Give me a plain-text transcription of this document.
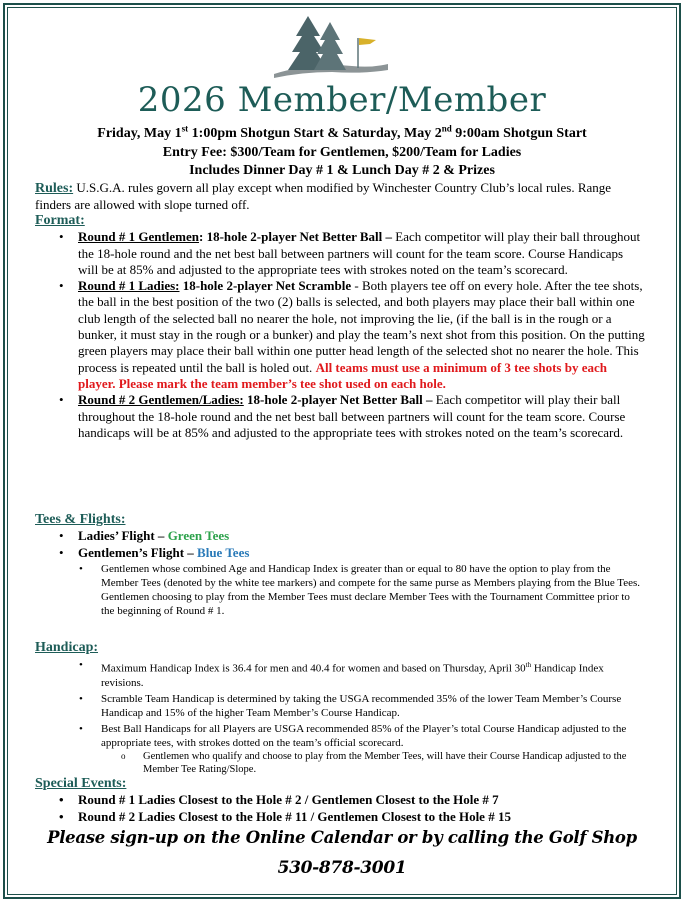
2026 Member/Member
Friday, May 1st 1:00pm Shotgun Start & Saturday, May 2nd 9:00am Shotgun Start
Entry Fee: $300/Team for Gentlemen, $200/Team for Ladies
Includes Dinner Day # 1 & Lunch Day # 2 & Prizes
Rules: U.S.G.A. rules govern all play except when modified by Winchester Country Club’s local rules. Range finders are allowed with slope turned off.
Format:
• Round # 1 Gentlemen: 18-hole 2-player Net Better Ball – Each competitor will play their ball throughout the 18-hole round and the net best ball between partners will count for the team score. Course Handicaps will be at 85% and adjusted to the appropriate tees with strokes noted on the team’s scorecard.
• Round # 1 Ladies: 18-hole 2-player Net Scramble - Both players tee off on every hole. After the tee shots, the ball in the best position of the two (2) balls is selected, and both players may place their ball within one club length of the selected ball no nearer the hole, not improving the lie, (if the ball is in the rough or a bunker, it must stay in the rough or a bunker) and play the team’s next shot from this position. On the putting green players may place their ball within one putter head length of the selected shot no nearer the hole. This process is repeated until the ball is holed out. All teams must use a minimum of 3 tee shots by each player. Please mark the team member’s tee shot used on each hole.
• Round # 2 Gentlemen/Ladies: 18-hole 2-player Net Better Ball – Each competitor will play their ball throughout the 18-hole round and the net best ball between partners will count for the team score. Course handicaps will be at 85% and adjusted to the appropriate tees with strokes noted on the team’s scorecard.
Tees & Flights:
• Ladies’ Flight – Green Tees
• Gentlemen’s Flight – Blue Tees
• Gentlemen whose combined Age and Handicap Index is greater than or equal to 80 have the option to play from the Member Tees (denoted by the white tee markers) and compete for the same purse as Members playing from the Blue Tees. Gentlemen choosing to play from the Member Tees must declare Member Tees with the Tournament Committee prior to the beginning of Round # 1.
Handicap:
• Maximum Handicap Index is 36.4 for men and 40.4 for women and based on Thursday, April 30th Handicap Index revisions.
• Scramble Team Handicap is determined by taking the USGA recommended 35% of the lower Team Member’s Course Handicap and 15% of the higher Team Member’s Course Handicap.
• Best Ball Handicaps for all Players are USGA recommended 85% of the Player’s total Course Handicap adjusted to the appropriate tees, with strokes dotted on the team’s official scorecard.
o Gentlemen who qualify and choose to play from the Member Tees, will have their Course Handicap adjusted to the Member Tee Rating/Slope.
Special Events:
• Round # 1 Ladies Closest to the Hole # 2 / Gentlemen Closest to the Hole # 7
• Round # 2 Ladies Closest to the Hole # 11 / Gentlemen Closest to the Hole # 15
Please sign-up on the Online Calendar or by calling the Golf Shop
530-878-3001
